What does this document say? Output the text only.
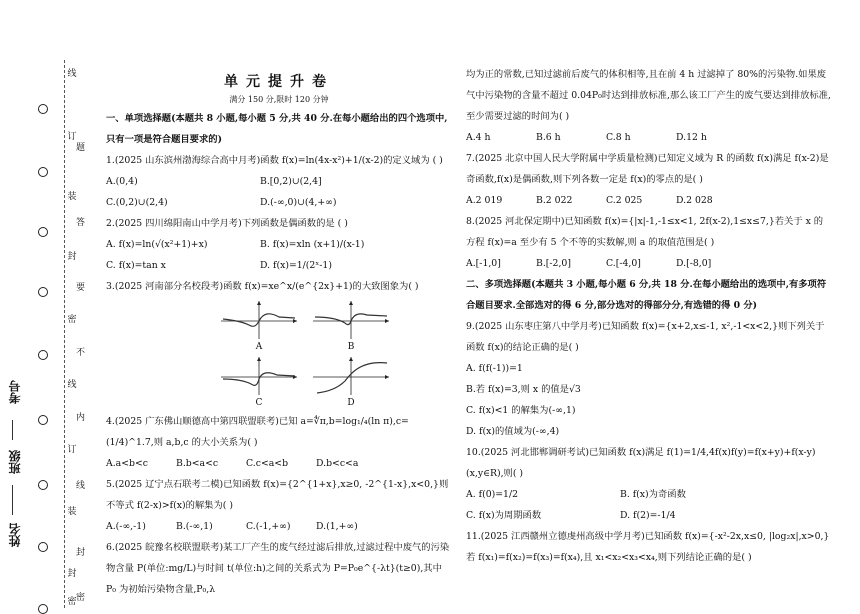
线
订
装
封
密
线
订
装
封
密
题
答
要
不
内
线
封
密
考号
班级
姓名

单元提升卷

满分 150 分,限时 120 分钟

一、单项选择题(本题共 8 小题,每小题 5 分,共 40 分.在每小题给出的四个选项中,只有一项是符合题目要求的)

1.(2025 山东滨州渤海综合高中月考)函数 f(x)=ln(4x-x²)+1/(x-2)的定义域为 ( )

A.(0,4)	B.[0,2)∪(2,4]
C.(0,2)∪(2,4)	D.(-∞,0)∪(4,+∞)

2.(2025 四川绵阳南山中学月考)下列函数是偶函数的是 ( )

A. f(x)=ln(√(x²+1)+x)	B. f(x)=xln (x+1)/(x-1)
C. f(x)=tan x	D. f(x)=1/(2ˣ-1)

3.(2025 河南部分名校段考)函数 f(x)=xe^x/(e^{2x}+1)的大致图象为( )

A	B
C	D

4.(2025 广东佛山顺德高中第四联盟联考)已知 a=∜π,b=log₁/₄(ln π),c=(1/4)^1.7,则 a,b,c 的大小关系为( )

A.a<b<c	B.b<a<c	C.c<a<b	D.b<c<a

5.(2025 辽宁点石联考二模)已知函数 f(x)={2^{1+x},x≥0, -2^{1-x},x<0,}则不等式 f(2-x)>f(x)的解集为( )

A.(-∞,-1)	B.(-∞,1)	C.(-1,+∞)	D.(1,+∞)

6.(2025 皖豫名校联盟联考)某工厂产生的废气经过滤后排放,过滤过程中废气的污染物含量 P(单位:mg/L)与时间 t(单位:h)之间的关系式为 P=P₀e^{-λt}(t≥0),其中 P₀ 为初始污染物含量,P₀,λ

均为正的常数,已知过滤前后废气的体积相等,且在前 4 h 过滤掉了 80%的污染物.如果废气中污染物的含量不超过 0.04P₀时达到排放标准,那么该工厂产生的废气要达到排放标准,至少需要过滤的时间为( )

A.4 h	B.6 h	C.8 h	D.12 h

7.(2025 北京中国人民大学附属中学质量检测)已知定义域为 R 的函数 f(x)满足 f(x-2)是奇函数,f(x)是偶函数,则下列各数一定是 f(x)的零点的是( )

A.2 019	B.2 022	C.2 025	D.2 028

8.(2025 河北保定期中)已知函数 f(x)={|x|-1,-1≤x<1, 2f(x-2),1≤x≤7,}若关于 x 的方程 f(x)=a 至少有 5 个不等的实数解,则 a 的取值范围是( )

A.[-1,0]	B.[-2,0]	C.[-4,0]	D.[-8,0]

二、多项选择题(本题共 3 小题,每小题 6 分,共 18 分.在每小题给出的选项中,有多项符合题目要求.全部选对的得 6 分,部分选对的得部分分,有选错的得 0 分)

9.(2025 山东枣庄第八中学月考)已知函数 f(x)={x+2,x≤-1, x²,-1<x<2,}则下列关于函数 f(x)的结论正确的是( )

A. f(f(-1))=1

B.若 f(x)=3,则 x 的值是√3

C. f(x)<1 的解集为(-∞,1)

D. f(x)的值域为(-∞,4)

10.(2025 河北邯郸调研考试)已知函数 f(x)满足 f(1)=1/4,4f(x)f(y)=f(x+y)+f(x-y)(x,y∈R),则( )

A. f(0)=1/2	B. f(x)为奇函数
C. f(x)为周期函数	D. f(2)=-1/4

11.(2025 江西赣州立德虔州高级中学月考)已知函数 f(x)={-x²-2x,x≤0, |log₂x|,x>0,}若 f(x₁)=f(x₂)=f(x₃)=f(x₄),且 x₁<x₂<x₃<x₄,则下列结论正确的是( )
